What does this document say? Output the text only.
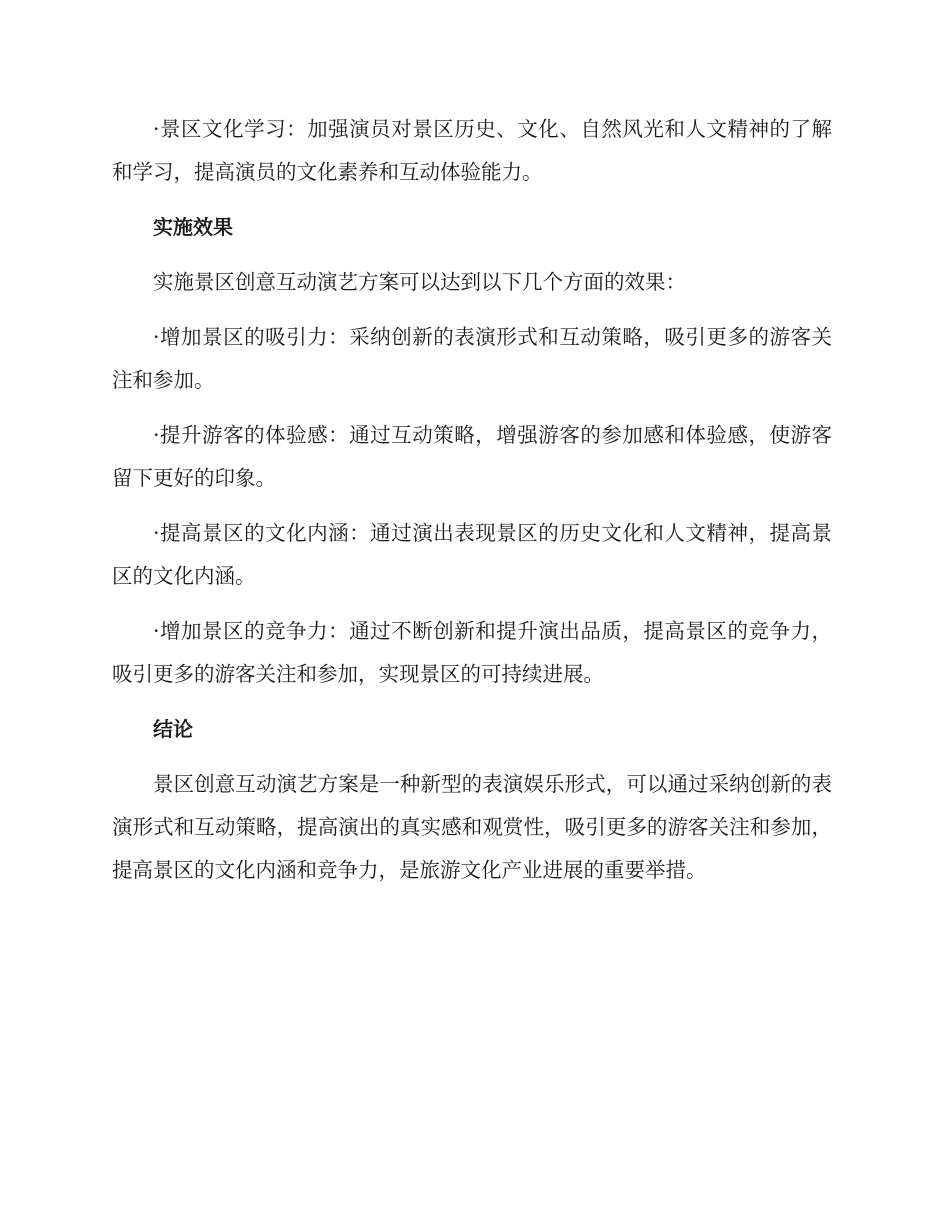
·景区文化学习：加强演员对景区历史、文化、自然风光和人文精神的了解和学习，提高演员的文化素养和互动体验能力。

实施效果

实施景区创意互动演艺方案可以达到以下几个方面的效果：

·增加景区的吸引力：采纳创新的表演形式和互动策略，吸引更多的游客关注和参加。

·提升游客的体验感：通过互动策略，增强游客的参加感和体验感，使游客留下更好的印象。

·提高景区的文化内涵：通过演出表现景区的历史文化和人文精神，提高景区的文化内涵。

·增加景区的竞争力：通过不断创新和提升演出品质，提高景区的竞争力，吸引更多的游客关注和参加，实现景区的可持续进展。

结论

景区创意互动演艺方案是一种新型的表演娱乐形式，可以通过采纳创新的表演形式和互动策略，提高演出的真实感和观赏性，吸引更多的游客关注和参加，提高景区的文化内涵和竞争力，是旅游文化产业进展的重要举措。
